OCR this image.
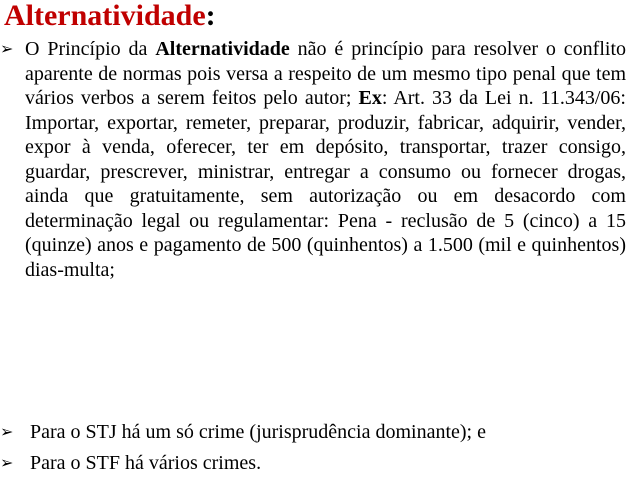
Alternatividade:
➢ O Princípio da Alternatividade não é princípio para resolver o conflito aparente de normas pois versa a respeito de um mesmo tipo penal que tem vários verbos a serem feitos pelo autor; Ex: Art. 33 da Lei n. 11.343/06: Importar, exportar, remeter, preparar, produzir, fabricar, adquirir, vender, expor à venda, oferecer, ter em depósito, transportar, trazer consigo, guardar, prescrever, ministrar, entregar a consumo ou fornecer drogas, ainda que gratuitamente, sem autorização ou em desacordo com determinação legal ou regulamentar: Pena - reclusão de 5 (cinco) a 15 (quinze) anos e pagamento de 500 (quinhentos) a 1.500 (mil e quinhentos) dias-multa;
➢ Para o STJ há um só crime (jurisprudência dominante); e
➢ Para o STF há vários crimes.
